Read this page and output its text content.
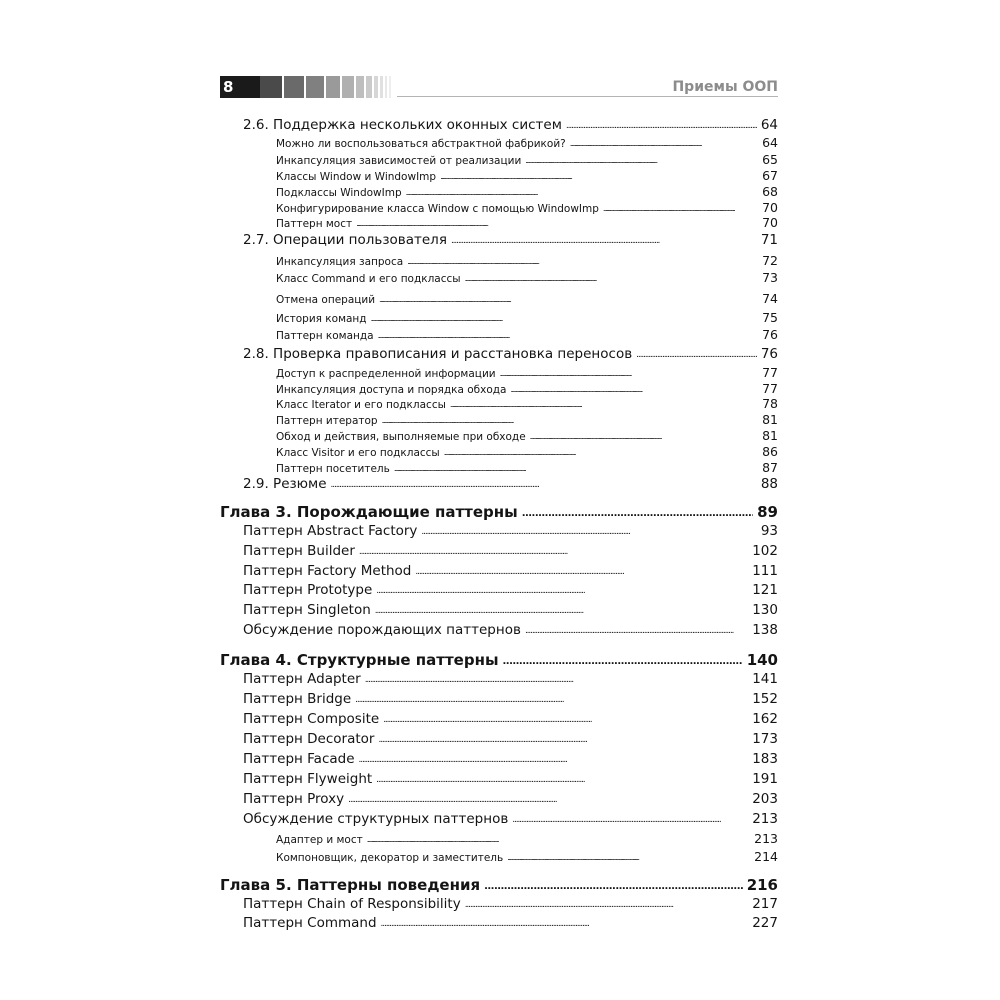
8	Приемы ООП
2.6. Поддержка нескольких оконных систем . . .	64
Можно ли воспользоваться абстрактной фабрикой? . . .	64
Инкапсуляция зависимостей от реализации . . .	65
Классы Window и WindowImp . . .	67
Подклассы WindowImp . . .	68
Конфигурирование класса Window с помощью WindowImp . . .	70
Паттерн мост . . .	70
2.7. Операции пользователя . . .	71
Инкапсуляция запроса . . .	72
Класс Command и его подклассы . . .	73
Отмена операций . . .	74
История команд . . .	75
Паттерн команда . . .	76
2.8. Проверка правописания и расстановка переносов . . .	76
Доступ к распределенной информации . . .	77
Инкапсуляция доступа и порядка обхода . . .	77
Класс Iterator и его подклассы . . .	78
Паттерн итератор . . .	81
Обход и действия, выполняемые при обходе . . .	81
Класс Visitor и его подклассы . . .	86
Паттерн посетитель . . .	87
2.9. Резюме . . .	88
Глава 3. Порождающие паттерны . . .	89
Паттерн Abstract Factory . . .	93
Паттерн Builder . . .	102
Паттерн Factory Method . . .	111
Паттерн Prototype . . .	121
Паттерн Singleton . . .	130
Обсуждение порождающих паттернов . . .	138
Глава 4. Структурные паттерны . . .	140
Паттерн Adapter . . .	141
Паттерн Bridge . . .	152
Паттерн Composite . . .	162
Паттерн Decorator . . .	173
Паттерн Facade . . .	183
Паттерн Flyweight . . .	191
Паттерн Proxy . . .	203
Обсуждение структурных паттернов . . .	213
Адаптер и мост . . .	213
Компоновщик, декоратор и заместитель . . .	214
Глава 5. Паттерны поведения . . .	216
Паттерн Chain of Responsibility . . .	217
Паттерн Command . . .	227
